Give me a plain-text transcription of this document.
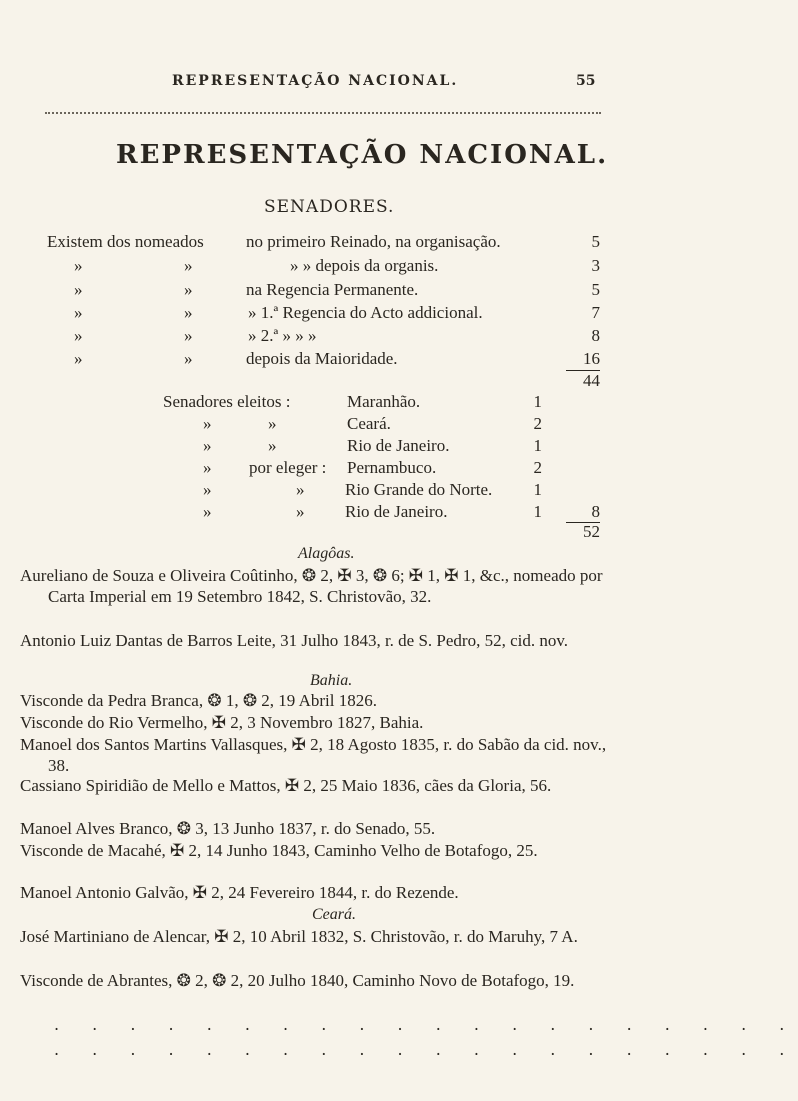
REPRESENTAÇÃO NACIONAL.	55
REPRESENTAÇÃO NACIONAL.
SENADORES.
Existem dos nomeados no primeiro Reinado, na organisação.	5
»	»	» » depois da organis.	3
»	»	na Regencia Permanente.	5
»	»	» 1.ª Regencia do Acto addicional.	7
»	»	» 2.ª » » »	8
»	»	depois da Maioridade.	16
44
Senadores eleitos :	Maranhão.	1
»	»	Ceará.	2
»	»	Rio de Janeiro.	1
» por eleger : Pernambuco.	2
»	» Rio Grande do Norte.	1
»	» Rio de Janeiro.	1	8
52
Alagôas.
Aureliano de Souza e Oliveira Coûtinho, ❂ 2, ✠ 3, ❂ 6; ✠ 1, ✠ 1, &c., nomeado por Carta Imperial em 19 Setembro 1842, S. Christovão, 32.
Antonio Luiz Dantas de Barros Leite, 31 Julho 1843, r. de S. Pedro, 52, cid. nov.
Bahia.
Visconde da Pedra Branca, ❂ 1, ❂ 2, 19 Abril 1826.
Visconde do Rio Vermelho, ✠ 2, 3 Novembro 1827, Bahia.
Manoel dos Santos Martins Vallasques, ✠ 2, 18 Agosto 1835, r. do Sabão da cid. nov., 38.
Cassiano Spiridião de Mello e Mattos, ✠ 2, 25 Maio 1836, cães da Gloria, 56.
Manoel Alves Branco, ❂ 3, 13 Junho 1837, r. do Senado, 55.
Visconde de Macahé, ✠ 2, 14 Junho 1843, Caminho Velho de Botafogo, 25.
Manoel Antonio Galvão, ✠ 2, 24 Fevereiro 1844, r. do Rezende.
Ceará.
José Martiniano de Alencar, ✠ 2, 10 Abril 1832, S. Christovão, r. do Maruhy, 7 A.
Visconde de Abrantes, ❂ 2, ❂ 2, 20 Julho 1840, Caminho Novo de Botafogo, 19.
. . . . . . . . . . . . . . . . . . . .
. . . . . . . . . . . . . . . . . . . .
